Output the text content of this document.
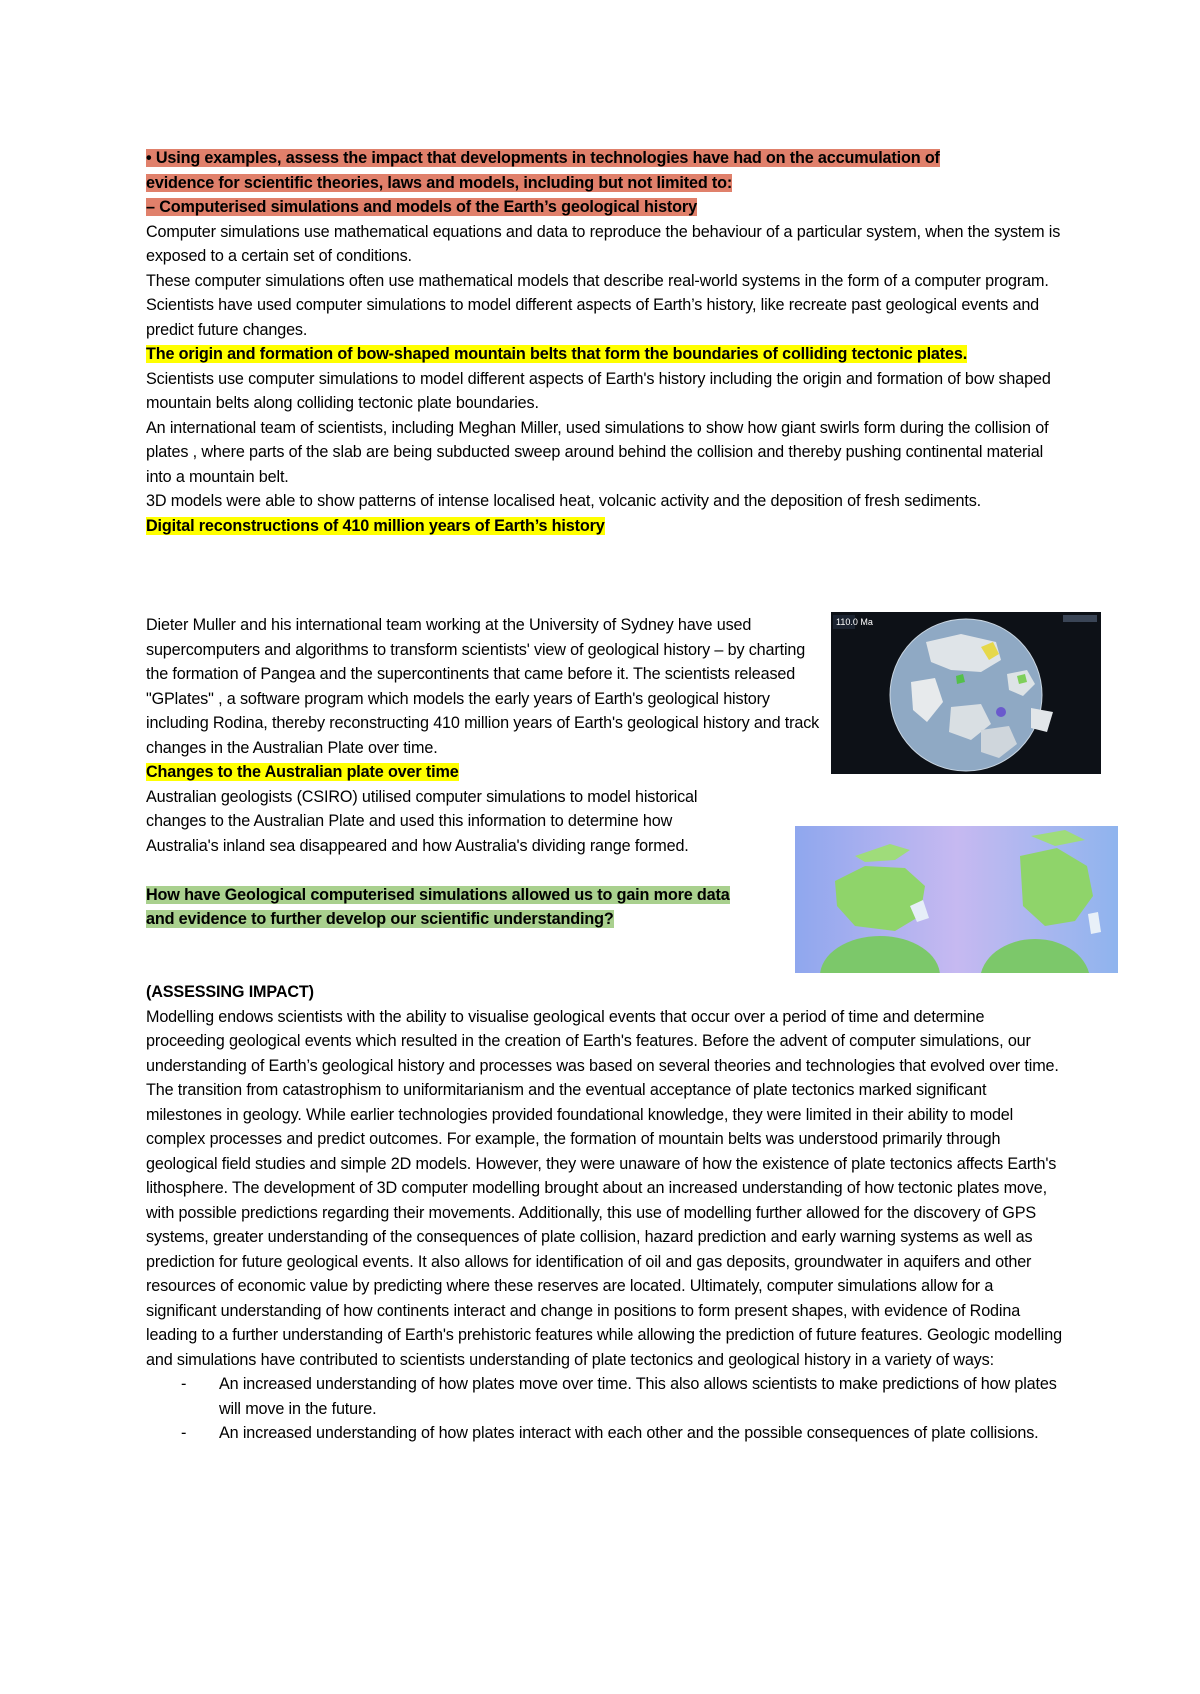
• Using examples, assess the impact that developments in technologies have had on the accumulation of
evidence for scientific theories, laws and models, including but not limited to:

– Computerised simulations and models of the Earth’s geological history

Computer simulations use mathematical equations and data to reproduce the behaviour of a particular system, when the system is exposed to a certain set of conditions.

These computer simulations often use mathematical models that describe real-world systems in the form of a computer program.

Scientists have used computer simulations to model different aspects of Earth’s history, like recreate past geological events and predict future changes.

The origin and formation of bow-shaped mountain belts that form the boundaries of colliding tectonic plates.

Scientists use computer simulations to model different aspects of Earth's history including the origin and formation of bow shaped mountain belts along colliding tectonic plate boundaries.

An international team of scientists, including Meghan Miller, used simulations to show how giant swirls form during the collision of plates , where parts of the slab are being subducted sweep around behind the collision and thereby pushing continental material into a mountain belt.

3D models were able to show patterns of intense localised heat, volcanic activity and the deposition of fresh sediments.

Digital reconstructions of 410 million years of Earth’s history

Dieter Muller and his international team working at the University of Sydney have used supercomputers and algorithms to transform scientists' view of geological history – by charting the formation of Pangea and the supercontinents that came before it. The scientists released "GPlates" , a software program which models the early years of Earth's geological history including Rodina, thereby reconstructing 410 million years of Earth's geological history and track changes in the Australian Plate over time.

Changes to the Australian plate over time

Australian geologists (CSIRO) utilised computer simulations to model historical changes to the Australian Plate and used this information to determine how Australia's inland sea disappeared and how Australia's dividing range formed.

How have Geological computerised simulations allowed us to gain more data and evidence to further develop our scientific understanding?

(ASSESSING IMPACT)

Modelling endows scientists with the ability to visualise geological events that occur over a period of time and determine proceeding geological events which resulted in the creation of Earth's features. Before the advent of computer simulations, our understanding of Earth’s geological history and processes was based on several theories and technologies that evolved over time. The transition from catastrophism to uniformitarianism and the eventual acceptance of plate tectonics marked significant milestones in geology. While earlier technologies provided foundational knowledge, they were limited in their ability to model complex processes and predict outcomes. For example, the formation of mountain belts was understood primarily through geological field studies and simple 2D models. However, they were unaware of how the existence of plate tectonics affects Earth's lithosphere. The development of 3D computer modelling brought about an increased understanding of how tectonic plates move, with possible predictions regarding their movements. Additionally, this use of modelling further allowed for the discovery of GPS systems, greater understanding of the consequences of plate collision, hazard prediction and early warning systems as well as prediction for future geological events. It also allows for identification of oil and gas deposits, groundwater in aquifers and other resources of economic value by predicting where these reserves are located. Ultimately, computer simulations allow for a significant understanding of how continents interact and change in positions to form present shapes, with evidence of Rodina leading to a further understanding of Earth's prehistoric features while allowing the prediction of future features. Geologic modelling and simulations have contributed to scientists understanding of plate tectonics and geological history in a variety of ways:

- An increased understanding of how plates move over time. This also allows scientists to make predictions of how plates will move in the future.
- An increased understanding of how plates interact with each other and the possible consequences of plate collisions.
110.0 Ma
